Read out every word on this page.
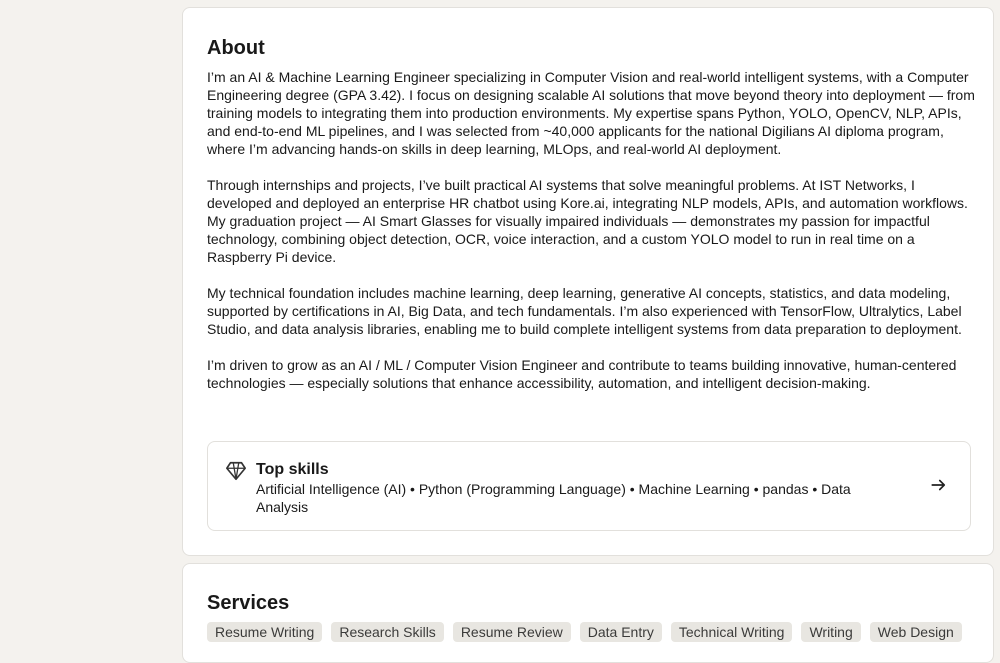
About

I’m an AI & Machine Learning Engineer specializing in Computer Vision and real-world intelligent systems, with a Computer Engineering degree (GPA 3.42). I focus on designing scalable AI solutions that move beyond theory into deployment — from training models to integrating them into production environments. My expertise spans Python, YOLO, OpenCV, NLP, APIs, and end-to-end ML pipelines, and I was selected from ~40,000 applicants for the national Digilians AI diploma program, where I’m advancing hands-on skills in deep learning, MLOps, and real-world AI deployment.

Through internships and projects, I’ve built practical AI systems that solve meaningful problems. At IST Networks, I developed and deployed an enterprise HR chatbot using Kore.ai, integrating NLP models, APIs, and automation workflows. My graduation project — AI Smart Glasses for visually impaired individuals — demonstrates my passion for impactful technology, combining object detection, OCR, voice interaction, and a custom YOLO model to run in real time on a Raspberry Pi device.

My technical foundation includes machine learning, deep learning, generative AI concepts, statistics, and data modeling, supported by certifications in AI, Big Data, and tech fundamentals. I’m also experienced with TensorFlow, Ultralytics, Label Studio, and data analysis libraries, enabling me to build complete intelligent systems from data preparation to deployment.

I’m driven to grow as an AI / ML / Computer Vision Engineer and contribute to teams building innovative, human-centered technologies — especially solutions that enhance accessibility, automation, and intelligent decision-making.

Top skills
Artificial Intelligence (AI) • Python (Programming Language) • Machine Learning • pandas • Data Analysis
Services
Resume Writing	Research Skills	Resume Review	Data Entry	Technical Writing	Writing	Web Design
